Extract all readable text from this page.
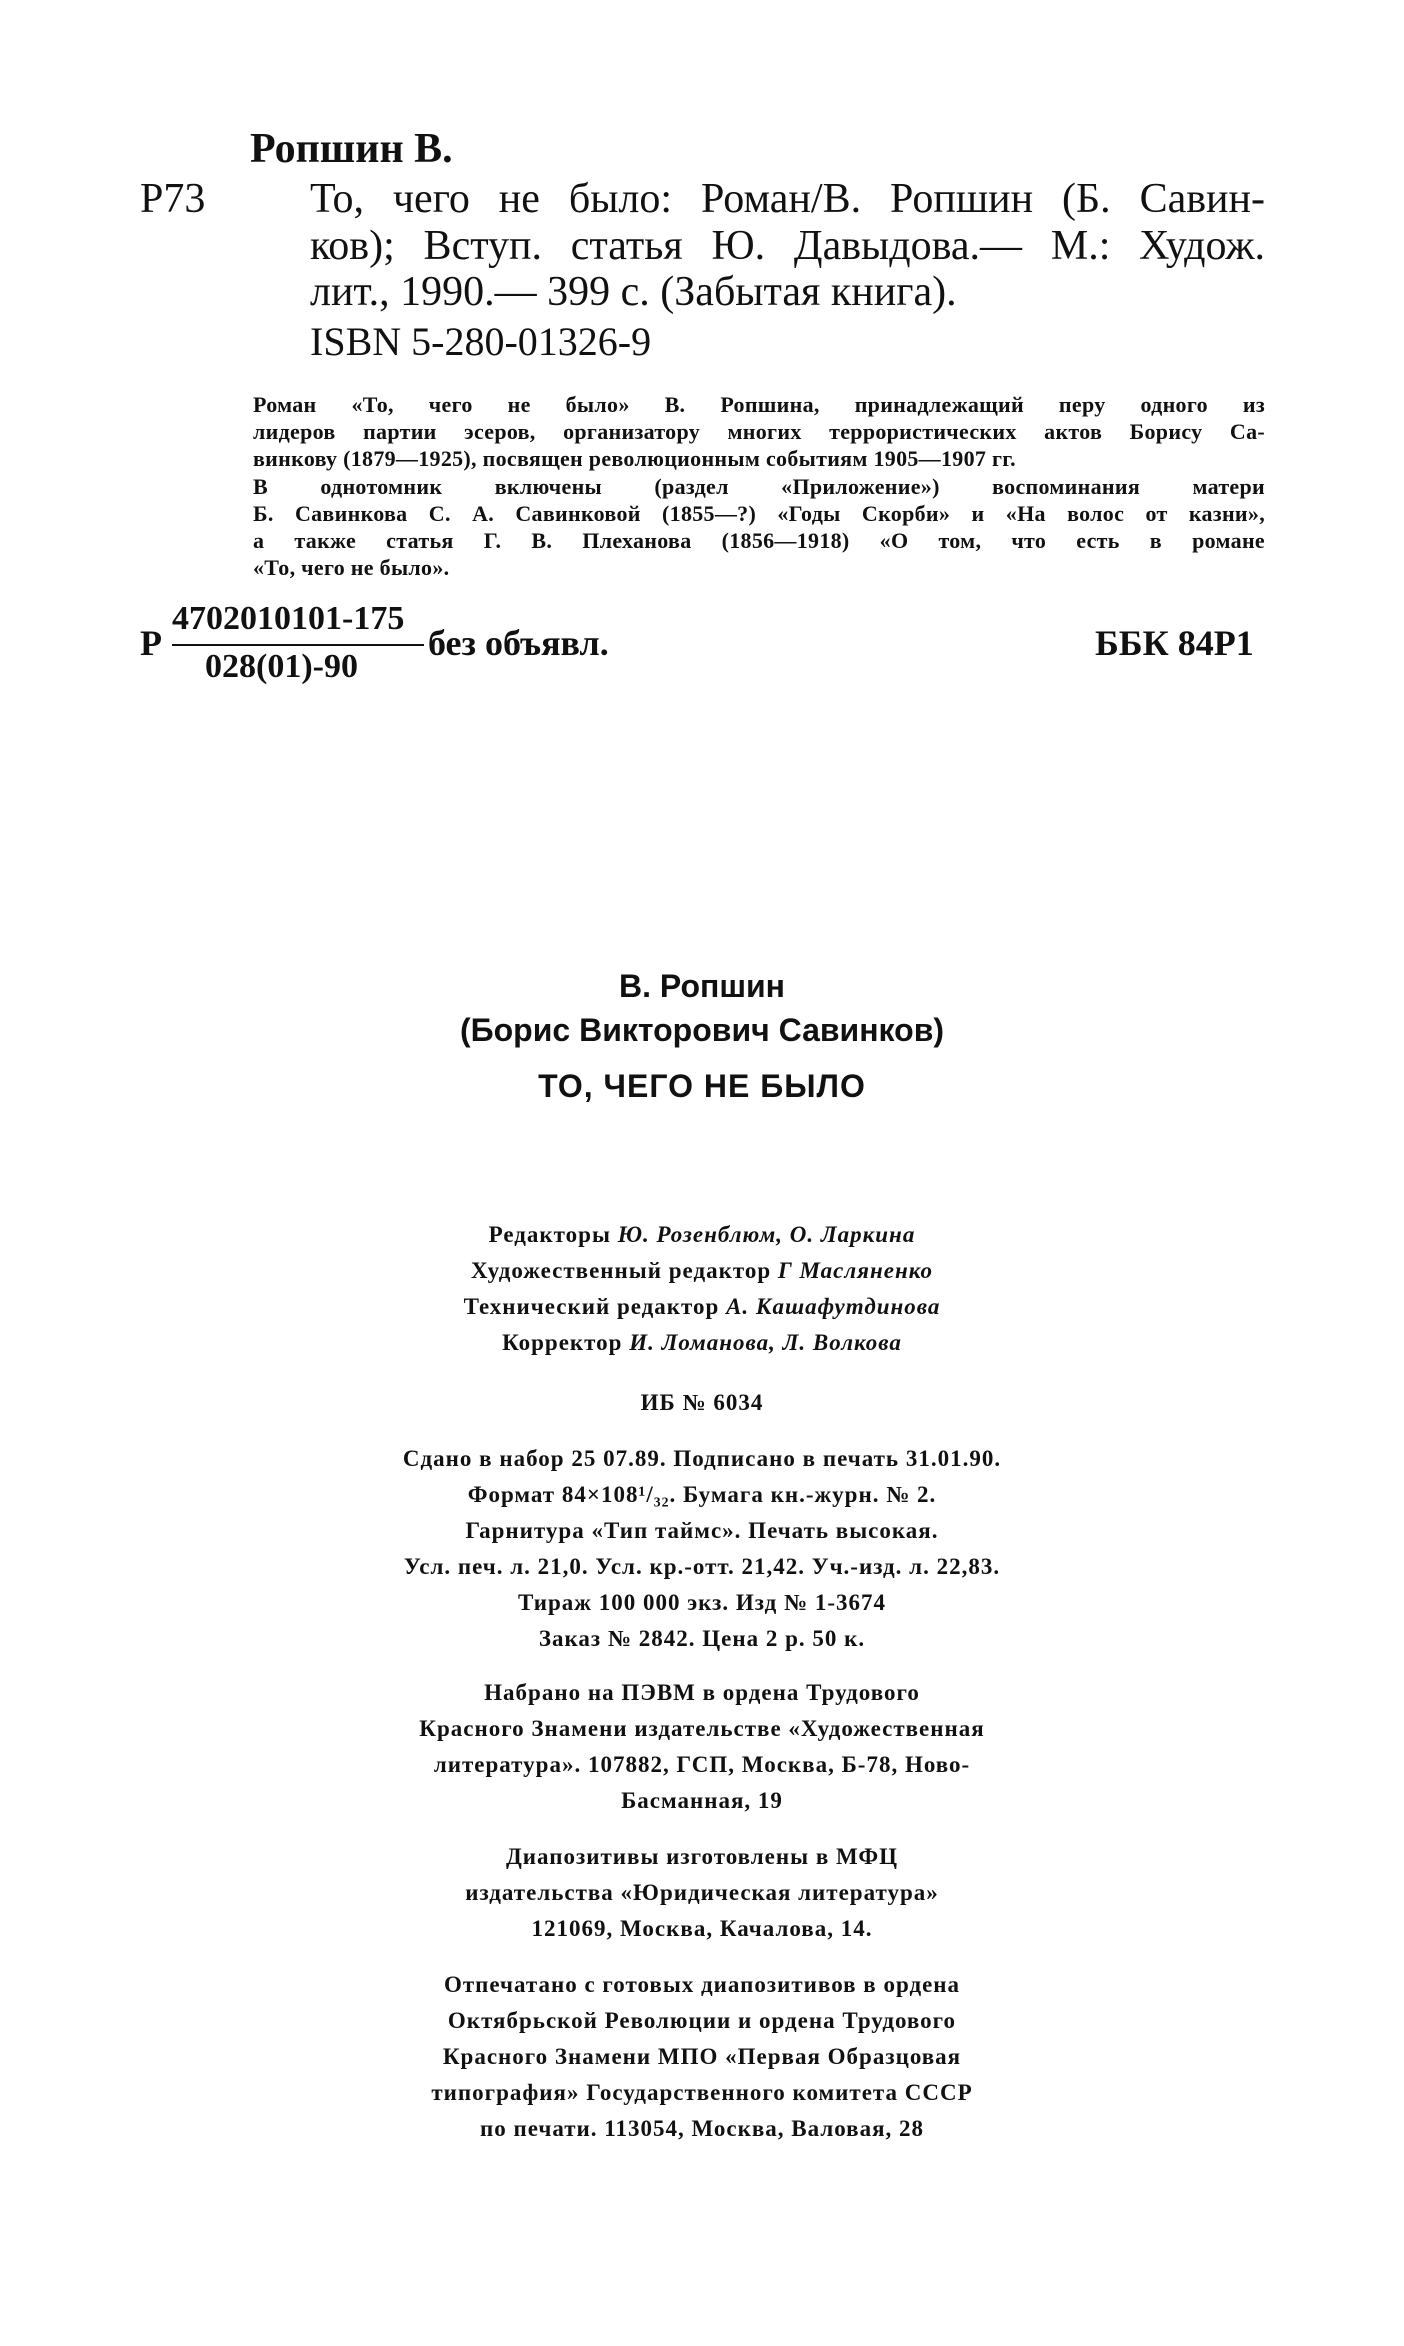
Ропшин В.
Р73 То, чего не было: Роман/В. Ропшин (Б. Савин-
ков); Вступ. статья Ю. Давыдова.— М.: Худож.
лит., 1990.— 399 с. (Забытая книга).
ISBN 5-280-01326-9
Роман «То, чего не было» В. Ропшина, принадлежащий перу одного из
лидеров партии эсеров, организатору многих террористических актов Борису Са-
винкову (1879—1925), посвящен революционным событиям 1905—1907 гг.
В однотомник включены (раздел «Приложение») воспоминания матери
Б. Савинкова С. А. Савинковой (1855—?) «Годы Скорби» и «На волос от казни»,
а также статья Г. В. Плеханова (1856—1918) «О том, что есть в романе
«То, чего не было».
Р
4702010101-175
028(01)-90
без объявл.	ББК 84Р1
В. Ропшин
(Борис Викторович Савинков)
ТО, ЧЕГО НЕ БЫЛО
Редакторы Ю. Розенблюм, О. Ларкина
Художественный редактор Г Масляненко
Технический редактор А. Кашафутдинова
Корректор И. Ломанова, Л. Волкова
ИБ № 6034
Сдано в набор 25 07.89. Подписано в печать 31.01.90.
Формат 84×108¹/₃₂. Бумага кн.-журн. № 2.
Гарнитура «Тип таймс». Печать высокая.
Усл. печ. л. 21,0. Усл. кр.-отт. 21,42. Уч.-изд. л. 22,83.
Тираж 100 000 экз. Изд № 1-3674
Заказ № 2842. Цена 2 р. 50 к.
Набрано на ПЭВМ в ордена Трудового
Красного Знамени издательстве «Художественная
литература». 107882, ГСП, Москва, Б-78, Ново-
Басманная, 19
Диапозитивы изготовлены в МФЦ
издательства «Юридическая литература»
121069, Москва, Качалова, 14.
Отпечатано с готовых диапозитивов в ордена
Октябрьской Революции и ордена Трудового
Красного Знамени МПО «Первая Образцовая
типография» Государственного комитета СССР
по печати. 113054, Москва, Валовая, 28
